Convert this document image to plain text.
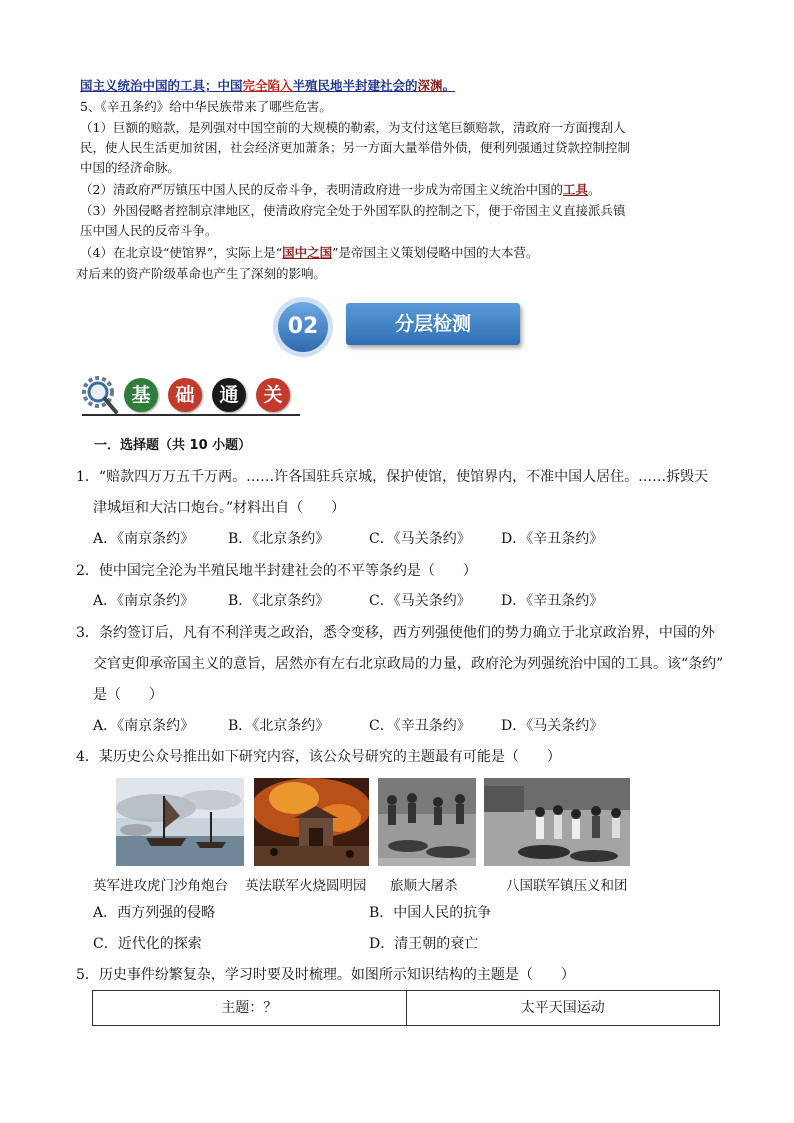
国主义统治中国的工具；中国完全陷入半殖民地半封建社会的深渊。
5、《辛丑条约》给中华民族带来了哪些危害。
（1）巨额的赔款，是列强对中国空前的大规模的勒索，为支付这笔巨额赔款，清政府一方面搜刮人
民，使人民生活更加贫困，社会经济更加萧条；另一方面大量举借外债，便利列强通过贷款控制控制
中国的经济命脉。
（2）清政府严厉镇压中国人民的反帝斗争，表明清政府进一步成为帝国主义统治中国的工具。
（3）外国侵略者控制京津地区，使清政府完全处于外国军队的控制之下，便于帝国主义直接派兵镇
压中国人民的反帝斗争。
（4）在北京设“使馆界”，实际上是“国中之国”是帝国主义策划侵略中国的大本营。
对后来的资产阶级革命也产生了深刻的影响。
02	分层检测
基	础	通	关
一．选择题（共 10 小题）
1．“赔款四万万五千万两。……许各国驻兵京城，保护使馆，使馆界内，不准中国人居住。……拆毁天
津城垣和大沽口炮台。”材料出自（　　）
A．《南京条约》 B．《北京条约》	C．《马关条约》 D．《辛丑条约》
2．使中国完全沦为半殖民地半封建社会的不平等条约是（　　）
A．《南京条约》 B．《北京条约》	C．《马关条约》 D．《辛丑条约》
3．条约签订后，凡有不利洋夷之政治，悉令变移，西方列强使他们的势力确立于北京政治界，中国的外
交官吏仰承帝国主义的意旨，居然亦有左右北京政局的力量，政府沦为列强统治中国的工具。该“条约”
是（　　）
A．《南京条约》 B．《北京条约》	C．《辛丑条约》 D．《马关条约》
4．某历史公众号推出如下研究内容，该公众号研究的主题最有可能是（　　）
英军进攻虎门沙角炮台 英法联军火烧圆明园 旅顺大屠杀	八国联军镇压义和团
A．西方列强的侵略	B．中国人民的抗争
C．近代化的探索	D．清王朝的衰亡
5．历史事件纷繁复杂，学习时要及时梳理。如图所示知识结构的主题是（　　）
主题：？	太平天国运动
